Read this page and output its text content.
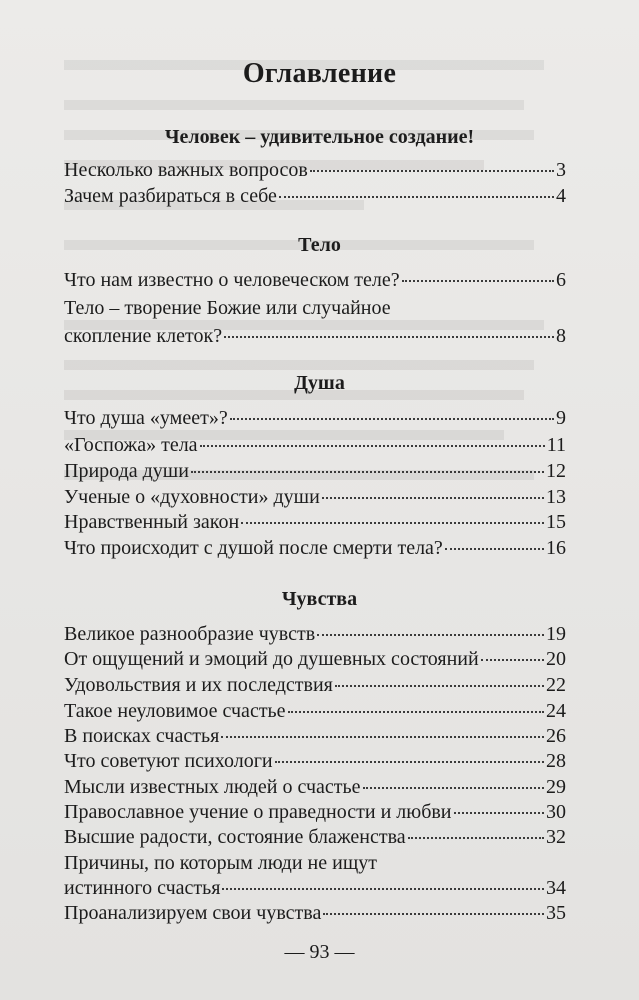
Оглавление
Человек – удивительное создание!
Несколько важных вопросов	3
Зачем разбираться в себе	4
Тело
Что нам известно о человеческом теле?	6
Тело – творение Божие или случайное
скопление клеток?	8
Душа
Что душа «умеет»?	9
«Госпожа» тела	11
Природа души	12
Ученые о «духовности» души	13
Нравственный закон	15
Что происходит с душой после смерти тела?	16
Чувства
Великое разнообразие чувств	19
От ощущений и эмоций до душевных состояний	20
Удовольствия и их последствия	22
Такое неуловимое счастье	24
В поисках счастья	26
Что советуют психологи	28
Мысли известных людей о счастье	29
Православное учение о праведности и любви	30
Высшие радости, состояние блаженства	32
Причины, по которым люди не ищут
истинного счастья	34
Проанализируем свои чувства	35
— 93 —
